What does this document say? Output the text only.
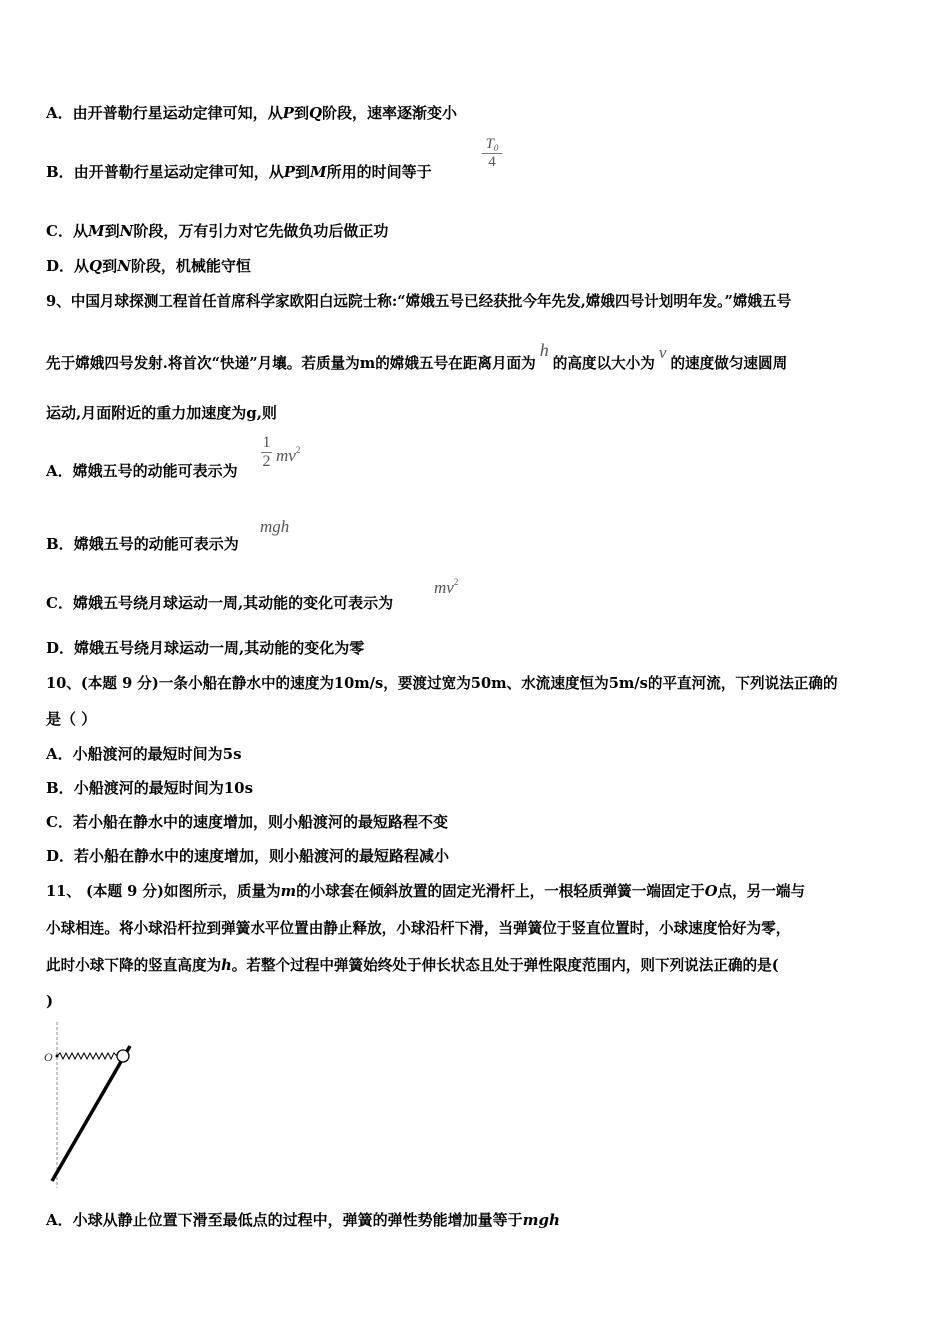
A．由开普勒行星运动定律可知，从P到Q阶段，速率逐渐变小
B．由开普勒行星运动定律可知，从P到M所用的时间等于
$T_0$
4
C．从M到N阶段，万有引力对它先做负功后做正功
D．从Q到N阶段，机械能守恒
9、中国月球探测工程首任首席科学家欧阳白远院士称:“嫦娥五号已经获批今年先发,嫦娥四号计划明年发。”嫦娥五号
先于嫦娥四号发射.将首次“快递”月壤。若质量为m的嫦娥五号在距离月面为h的高度以大小为v的速度做匀速圆周
运动,月面附近的重力加速度为g,则
A．嫦娥五号的动能可表示为
1
2 $mv^2$
B．嫦娥五号的动能可表示为
mgh
C．嫦娥五号绕月球运动一周,其动能的变化可表示为
$mv^2$
D．嫦娥五号绕月球运动一周,其动能的变化为零
10、(本题 9 分)一条小船在静水中的速度为10m/s，要渡过宽为50m、水流速度恒为5m/s的平直河流，下列说法正确的
是（ ）
A．小船渡河的最短时间为5s
B．小船渡河的最短时间为10s
C．若小船在静水中的速度增加，则小船渡河的最短路程不变
D．若小船在静水中的速度增加，则小船渡河的最短路程减小
11、 (本题 9 分)如图所示，质量为m的小球套在倾斜放置的固定光滑杆上，一根轻质弹簧一端固定于O点，另一端与
小球相连。将小球沿杆拉到弹簧水平位置由静止释放，小球沿杆下滑，当弹簧位于竖直位置时，小球速度恰好为零，
此时小球下降的竖直高度为h。若整个过程中弹簧始终处于伸长状态且处于弹性限度范围内，则下列说法正确的是(
)
O
A．小球从静止位置下滑至最低点的过程中，弹簧的弹性势能增加量等于mgh
